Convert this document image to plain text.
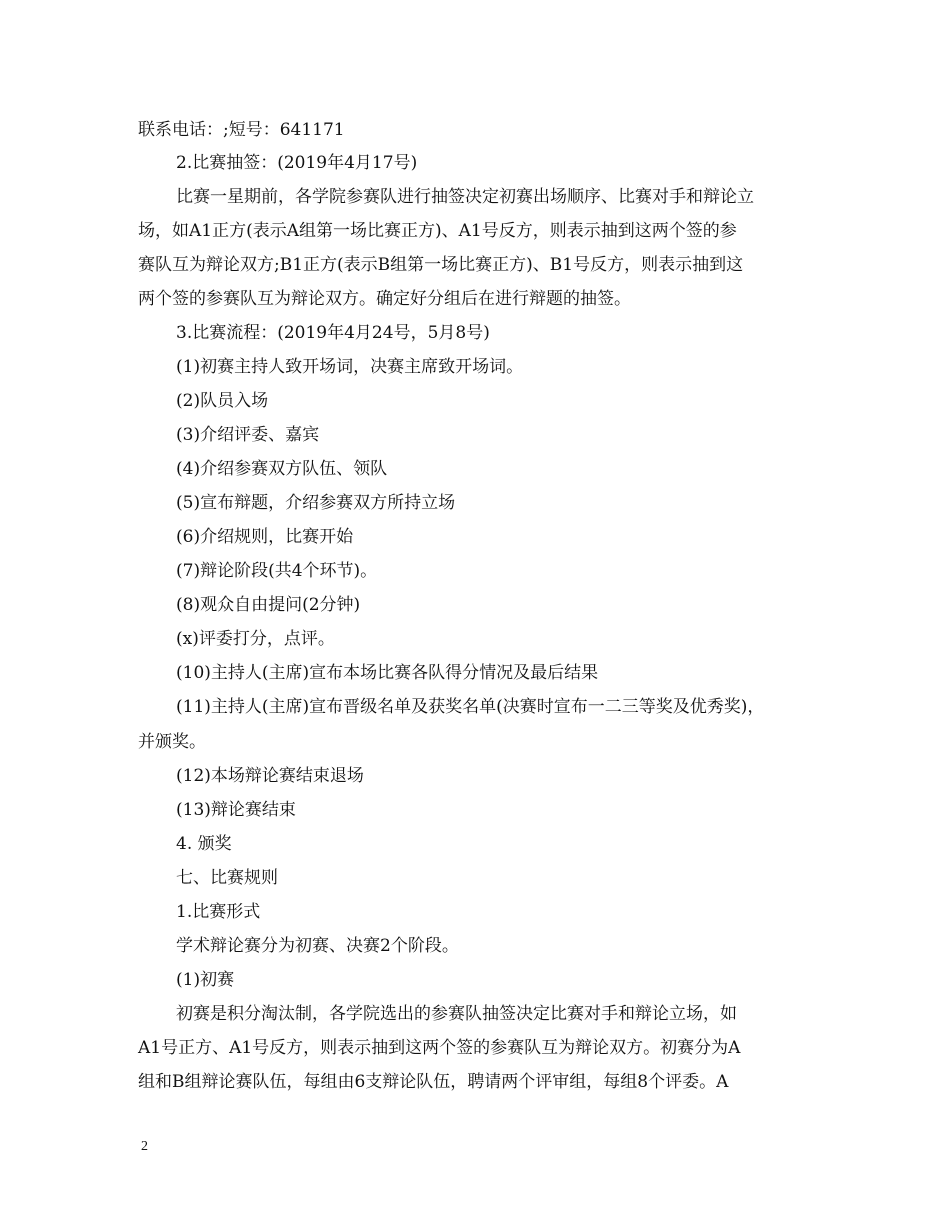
联系电话：;短号：641171
2.比赛抽签：(2019年4月17号)
比赛一星期前，各学院参赛队进行抽签决定初赛出场顺序、比赛对手和辩论立
场，如A1正方(表示A组第一场比赛正方)、A1号反方，则表示抽到这两个签的参
赛队互为辩论双方;B1正方(表示B组第一场比赛正方)、B1号反方，则表示抽到这
两个签的参赛队互为辩论双方。确定好分组后在进行辩题的抽签。
3.比赛流程：(2019年4月24号，5月8号)
(1)初赛主持人致开场词，决赛主席致开场词。
(2)队员入场
(3)介绍评委、嘉宾
(4)介绍参赛双方队伍、领队
(5)宣布辩题，介绍参赛双方所持立场
(6)介绍规则，比赛开始
(7)辩论阶段(共4个环节)。
(8)观众自由提问(2分钟)
(x)评委打分，点评。
(10)主持人(主席)宣布本场比赛各队得分情况及最后结果
(11)主持人(主席)宣布晋级名单及获奖名单(决赛时宣布一二三等奖及优秀奖)，
并颁奖。
(12)本场辩论赛结束退场
(13)辩论赛结束
4. 颁奖
七、比赛规则
1.比赛形式
学术辩论赛分为初赛、决赛2个阶段。
(1)初赛
初赛是积分淘汰制，各学院选出的参赛队抽签决定比赛对手和辩论立场，如
A1号正方、A1号反方，则表示抽到这两个签的参赛队互为辩论双方。初赛分为A
组和B组辩论赛队伍，每组由6支辩论队伍，聘请两个评审组，每组8个评委。A
2
